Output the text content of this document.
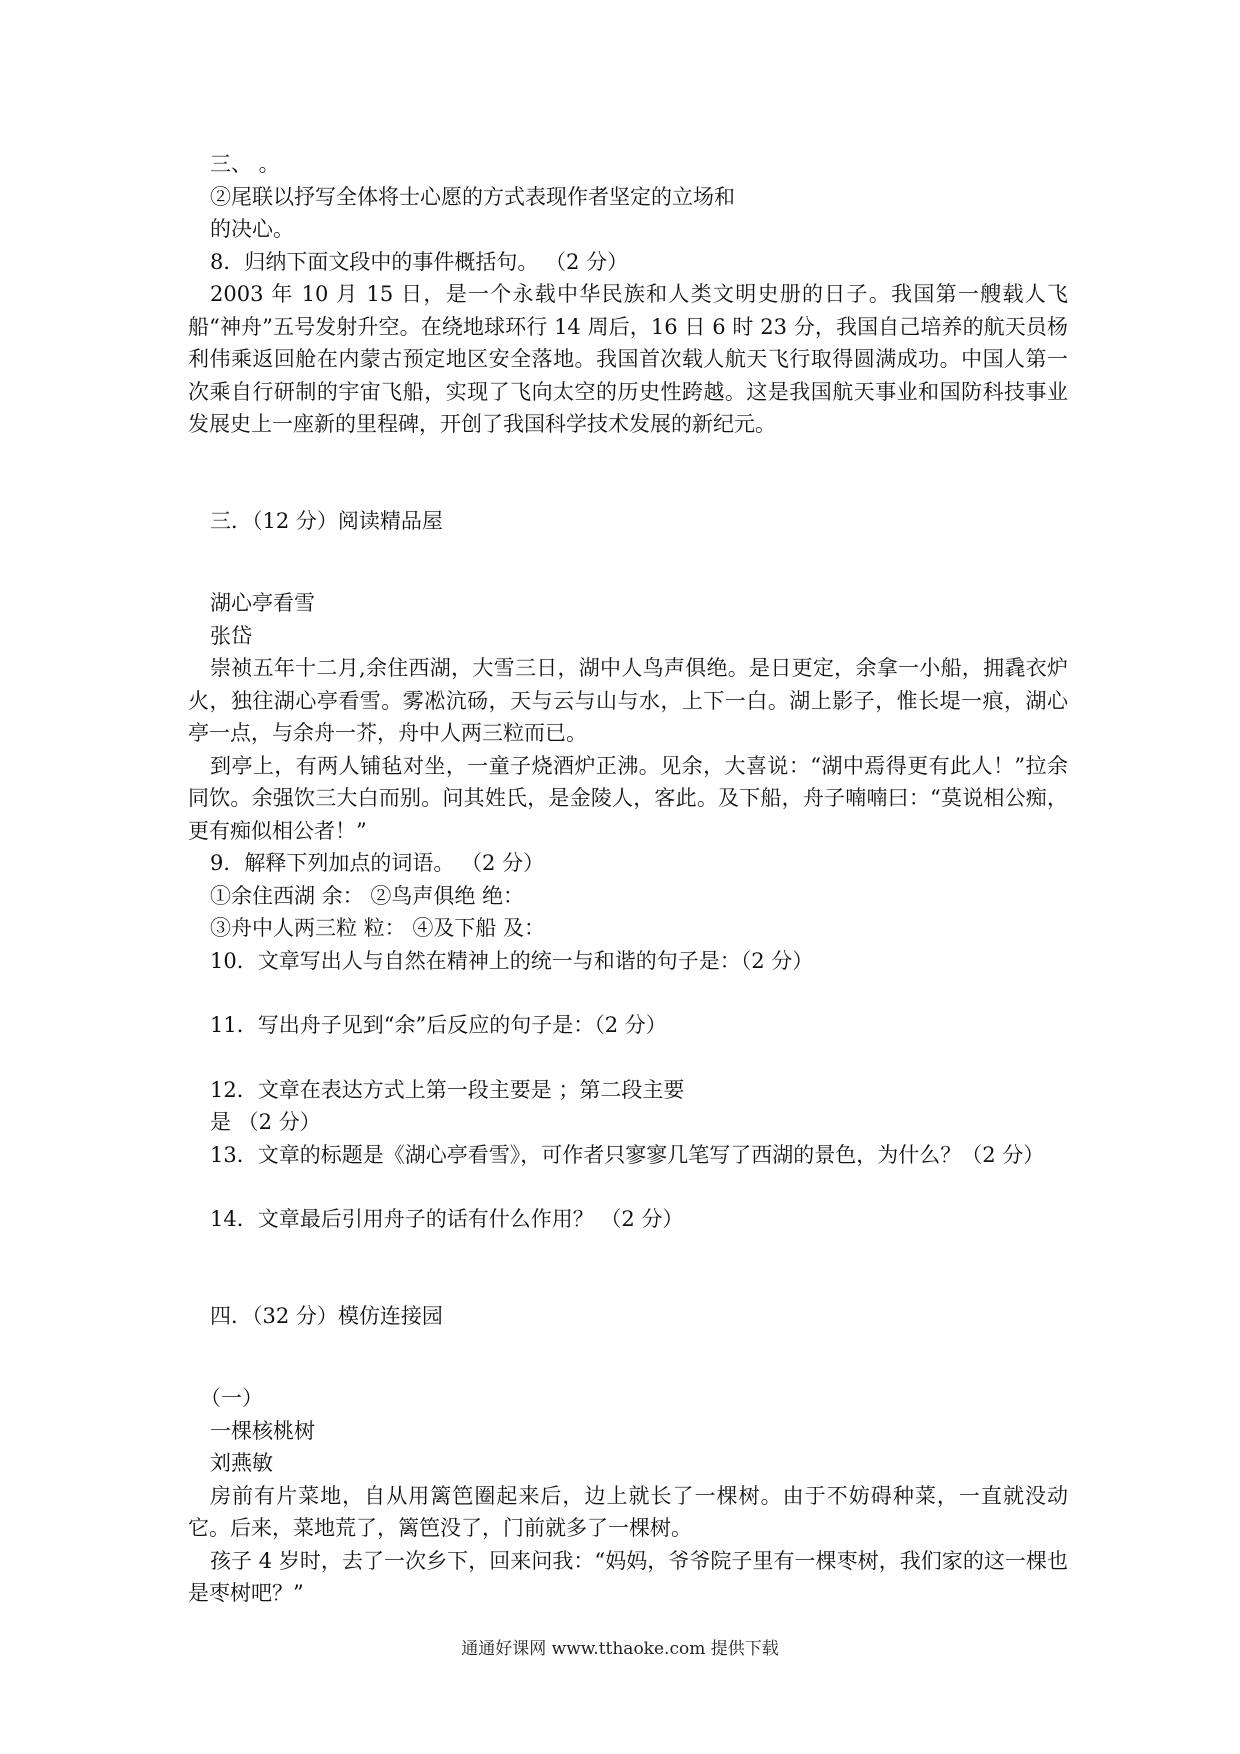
三、 。
②尾联以抒写全体将士心愿的方式表现作者坚定的立场和
的决心。
8．归纳下面文段中的事件概括句。 （2 分）
2003 年 10 月 15 日，是一个永载中华民族和人类文明史册的日子。我国第一艘载人飞船“神舟”五号发射升空。在绕地球环行 14 周后，16 日 6 时 23 分，我国自己培养的航天员杨利伟乘返回舱在内蒙古预定地区安全落地。我国首次载人航天飞行取得圆满成功。中国人第一次乘自行研制的宇宙飞船，实现了飞向太空的历史性跨越。这是我国航天事业和国防科技事业发展史上一座新的里程碑，开创了我国科学技术发展的新纪元。
三．（12 分）阅读精品屋
湖心亭看雪
张岱
崇祯五年十二月,余住西湖，大雪三日，湖中人鸟声俱绝。是日更定，余拿一小船，拥毳衣炉火，独往湖心亭看雪。雾凇沆砀，天与云与山与水，上下一白。湖上影子，惟长堤一痕，湖心亭一点，与余舟一芥，舟中人两三粒而已。
到亭上，有两人铺毡对坐，一童子烧酒炉正沸。见余，大喜说：“湖中焉得更有此人！”拉余同饮。余强饮三大白而别。问其姓氏，是金陵人，客此。及下船，舟子喃喃曰：“莫说相公痴，更有痴似相公者！”
9．解释下列加点的词语。 （2 分）
①余住西湖 余： ②鸟声俱绝 绝：
③舟中人两三粒 粒： ④及下船 及：
10．文章写出人与自然在精神上的统一与和谐的句子是：（2 分）
11．写出舟子见到“余”后反应的句子是：（2 分）
12．文章在表达方式上第一段主要是 ；第二段主要
是 （2 分）
13．文章的标题是《湖心亭看雪》，可作者只寥寥几笔写了西湖的景色，为什么？（2 分）
14．文章最后引用舟子的话有什么作用？ （2 分）
四．（32 分）模仿连接园
（一）
一棵核桃树
刘燕敏
房前有片菜地，自从用篱笆圈起来后，边上就长了一棵树。由于不妨碍种菜，一直就没动它。后来，菜地荒了，篱笆没了，门前就多了一棵树。
孩子 4 岁时，去了一次乡下，回来问我：“妈妈，爷爷院子里有一棵枣树，我们家的这一棵也是枣树吧？”
通通好课网 www.tthaoke.com 提供下载
